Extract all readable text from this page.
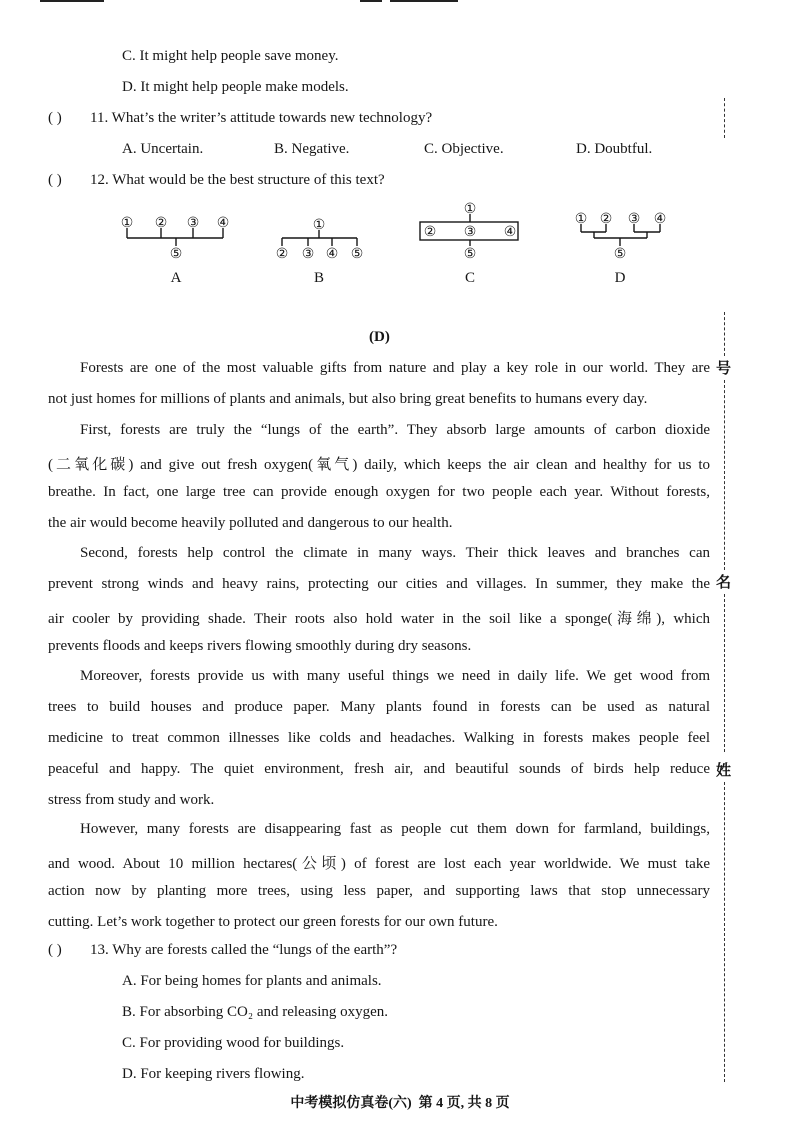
号
名
姓
C. It might help people save money.
D. It might help people make models.
( ) 11. What’s the writer’s attitude towards new technology?
A. Uncertain.	B. Negative.	C. Objective.	D. Doubtful.
( ) 12. What would be the best structure of this text?
① ② ③ ④
⑤
A
①
② ③ ④ ⑤
B
①
② ③ ④
⑤
C
① ② ③ ④
⑤
D
(D)
Forests are one of the most valuable gifts from nature and play a key role in our world. They are
not just homes for millions of plants and animals, but also bring great benefits to humans every day.
First, forests are truly the “lungs of the earth”. They absorb large amounts of carbon dioxide
(二氧化碳) and give out fresh oxygen(氧气) daily, which keeps the air clean and healthy for us to
breathe. In fact, one large tree can provide enough oxygen for two people each year. Without forests,
the air would become heavily polluted and dangerous to our health.
Second, forests help control the climate in many ways. Their thick leaves and branches can
prevent strong winds and heavy rains, protecting our cities and villages. In summer, they make the
air cooler by providing shade. Their roots also hold water in the soil like a sponge(海绵), which
prevents floods and keeps rivers flowing smoothly during dry seasons.
Moreover, forests provide us with many useful things we need in daily life. We get wood from
trees to build houses and produce paper. Many plants found in forests can be used as natural
medicine to treat common illnesses like colds and headaches. Walking in forests makes people feel
peaceful and happy. The quiet environment, fresh air, and beautiful sounds of birds help reduce
stress from study and work.
However, many forests are disappearing fast as people cut them down for farmland, buildings,
and wood. About 10 million hectares(公顷) of forest are lost each year worldwide. We must take
action now by planting more trees, using less paper, and supporting laws that stop unnecessary
cutting. Let’s work together to protect our green forests for our own future.
( ) 13. Why are forests called the “lungs of the earth”?
A. For being homes for plants and animals.
B. For absorbing CO₂ and releasing oxygen.
C. For providing wood for buildings.
D. For keeping rivers flowing.
中考模拟仿真卷(六)  第 4 页, 共 8 页
